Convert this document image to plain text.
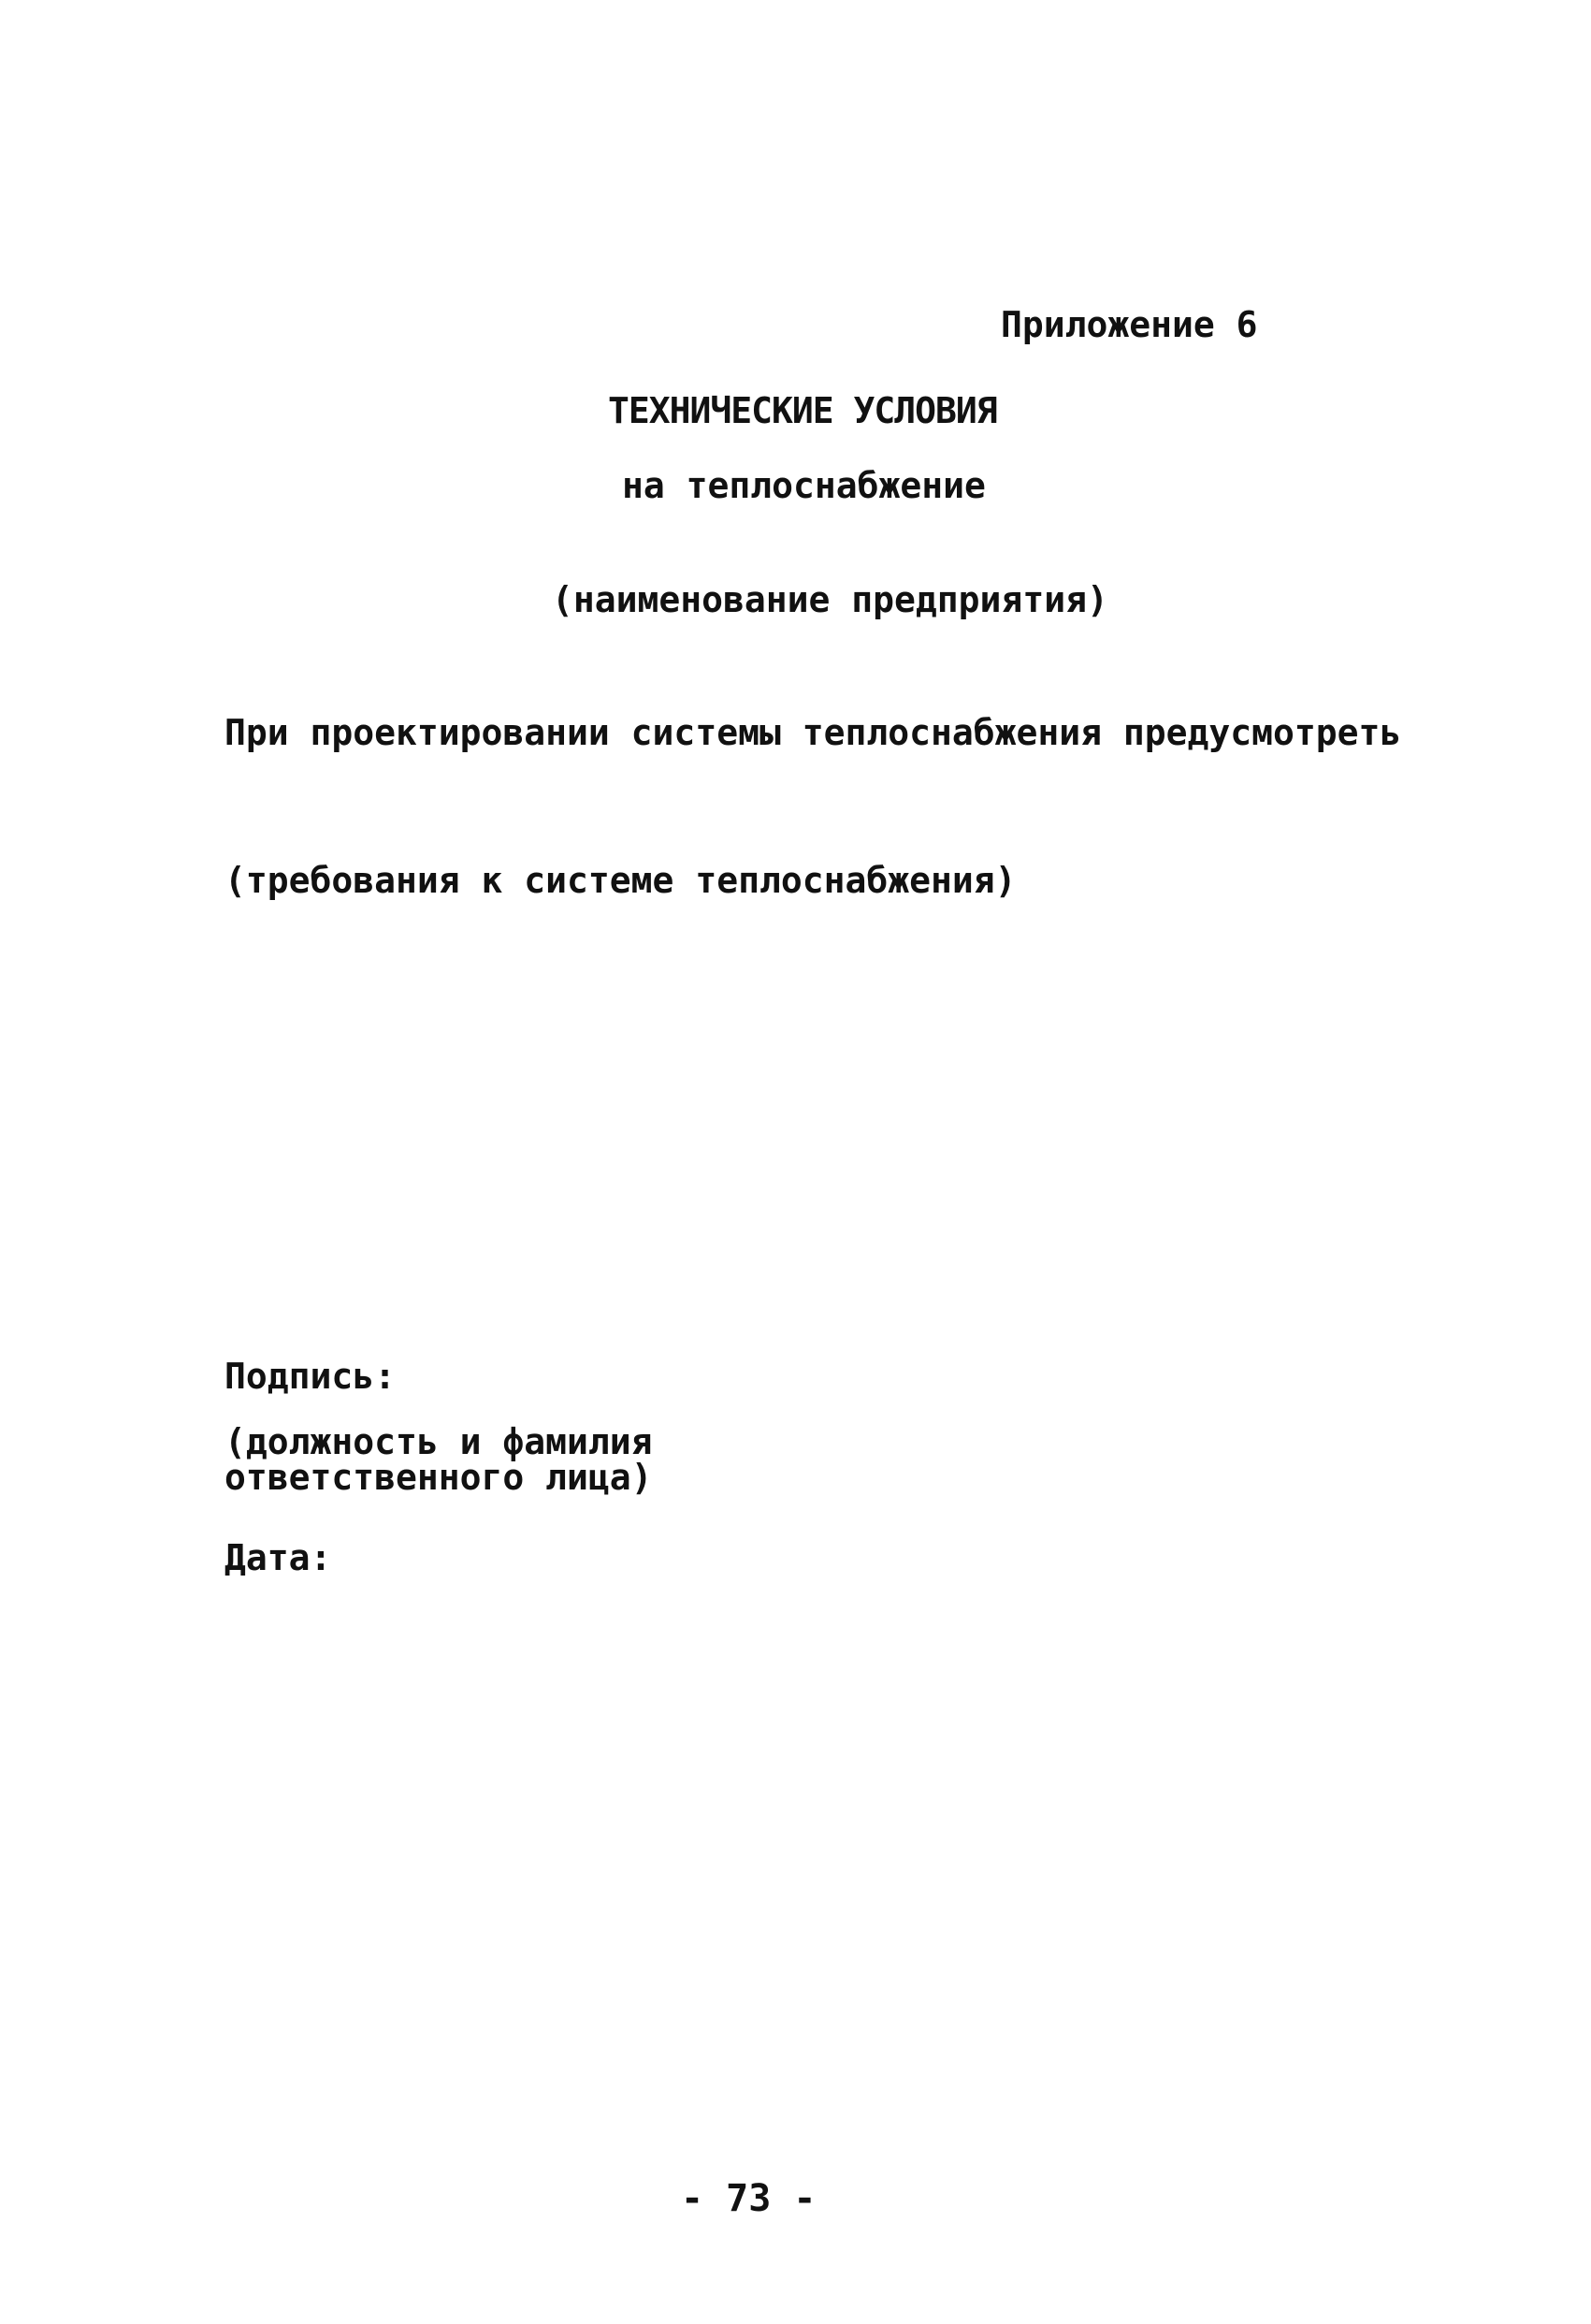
Приложение 6
ТЕХНИЧЕСКИЕ УСЛОВИЯ
на теплоснабжение
(наименование предприятия)
При проектировании системы теплоснабжения предусмотреть
(требования к системе теплоснабжения)
Подпись:
(должность и фамилия
ответственного лица)
Дата:
- 73 -
